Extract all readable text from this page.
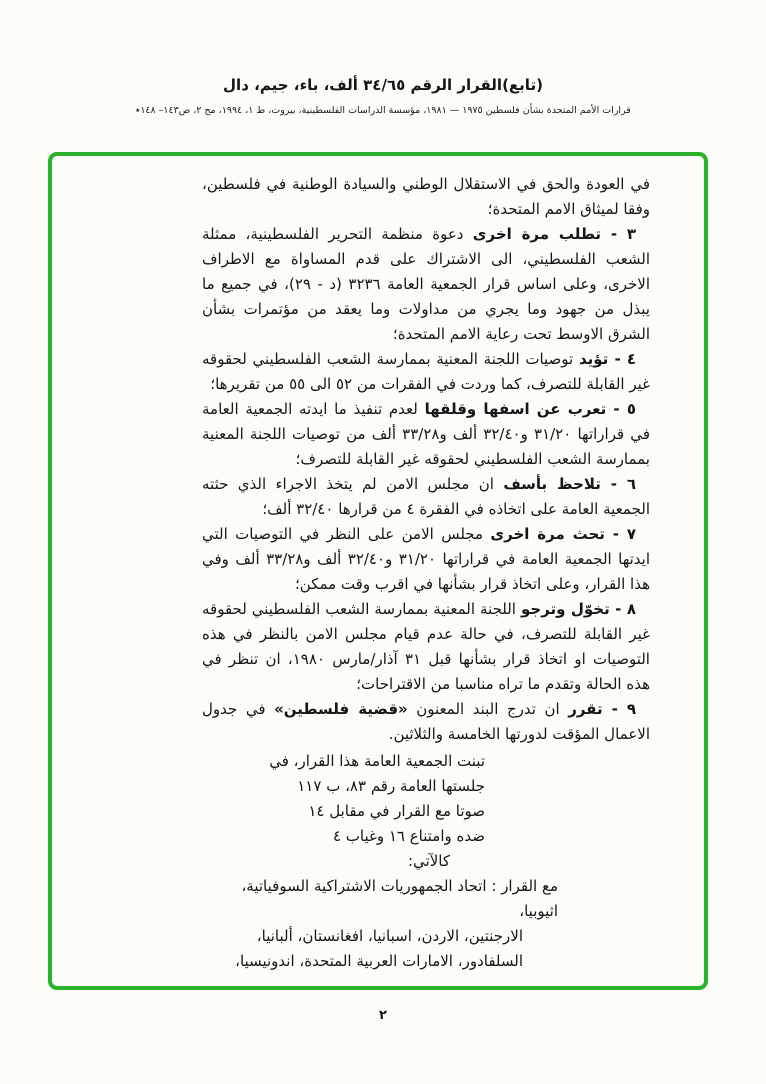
(تابع)القرار الرقم ٣٤/٦٥ ألف، باء، جيم، دال
قرارات الأمم المتحدة بشأن فلسطين ١٩٧٥ — ١٩٨١، مؤسسة الدراسات الفلسطينية، بيروت، ط ١، ١٩٩٤، مج ٢، ص١٤٣– ١٤٨٭
في العودة والحق في الاستقلال الوطني والسيادة الوطنية في فلسطين، وفقا لميثاق الامم المتحدة؛
٣ - تطلب مرة اخرى دعوة منظمة التحرير الفلسطينية، ممثلة الشعب الفلسطيني، الى الاشتراك على قدم المساواة مع الاطراف الاخرى، وعلى اساس قرار الجمعية العامة ٣٢٣٦ (د - ٢٩)، في جميع ما يبذل من جهود وما يجري من مداولات وما يعقد من مؤتمرات بشأن الشرق الاوسط تحت رعاية الامم المتحدة؛
٤ - تؤيد توصيات اللجنة المعنية بممارسة الشعب الفلسطيني لحقوقه غير القابلة للتصرف، كما وردت في الفقرات من ٥٢ الى ٥٥ من تقريرها؛
٥ - تعرب عن اسفها وقلقها لعدم تنفيذ ما ايدته الجمعية العامة في قراراتها ٣١/٢٠ و٣٢/٤٠ ألف و٣٣/٢٨ ألف من توصيات اللجنة المعنية بممارسة الشعب الفلسطيني لحقوقه غير القابلة للتصرف؛
٦ - تلاحظ بأسف ان مجلس الامن لم يتخذ الاجراء الذي حثته الجمعية العامة على اتخاذه في الفقرة ٤ من قرارها ٣٢/٤٠ ألف؛
٧ - تحث مرة اخرى مجلس الامن على النظر في التوصيات التي ايدتها الجمعية العامة في قراراتها ٣١/٢٠ و٣٢/٤٠ ألف و٣٣/٢٨ ألف وفي هذا القرار، وعلى اتخاذ قرار بشأنها في اقرب وقت ممكن؛
٨ - تخوّل وترجو اللجنة المعنية بممارسة الشعب الفلسطيني لحقوقه غير القابلة للتصرف، في حالة عدم قيام مجلس الامن بالنظر في هذه التوصيات او اتخاذ قرار بشأنها قبل ٣١ آذار/مارس ١٩٨٠، ان تنظر في هذه الحالة وتقدم ما تراه مناسبا من الاقتراحات؛
٩ - تقرر ان تدرج البند المعنون «قضية فلسطين» في جدول الاعمال المؤقت لدورتها الخامسة والثلاثين.
تبنت الجمعية العامة هذا القرار، في
جلستها العامة رقم ٨٣، ب ١١٧
صوتا مع القرار في مقابل ١٤
ضده وامتناع ١٦ وغياب ٤
كالآتي:
مع القرار : اتحاد الجمهوريات الاشتراكية السوفياتية، اثيوبيا،
الارجنتين، الاردن، اسبانيا، افغانستان، ألبانيا،
السلفادور، الامارات العربية المتحدة، اندونيسيا،
٢
